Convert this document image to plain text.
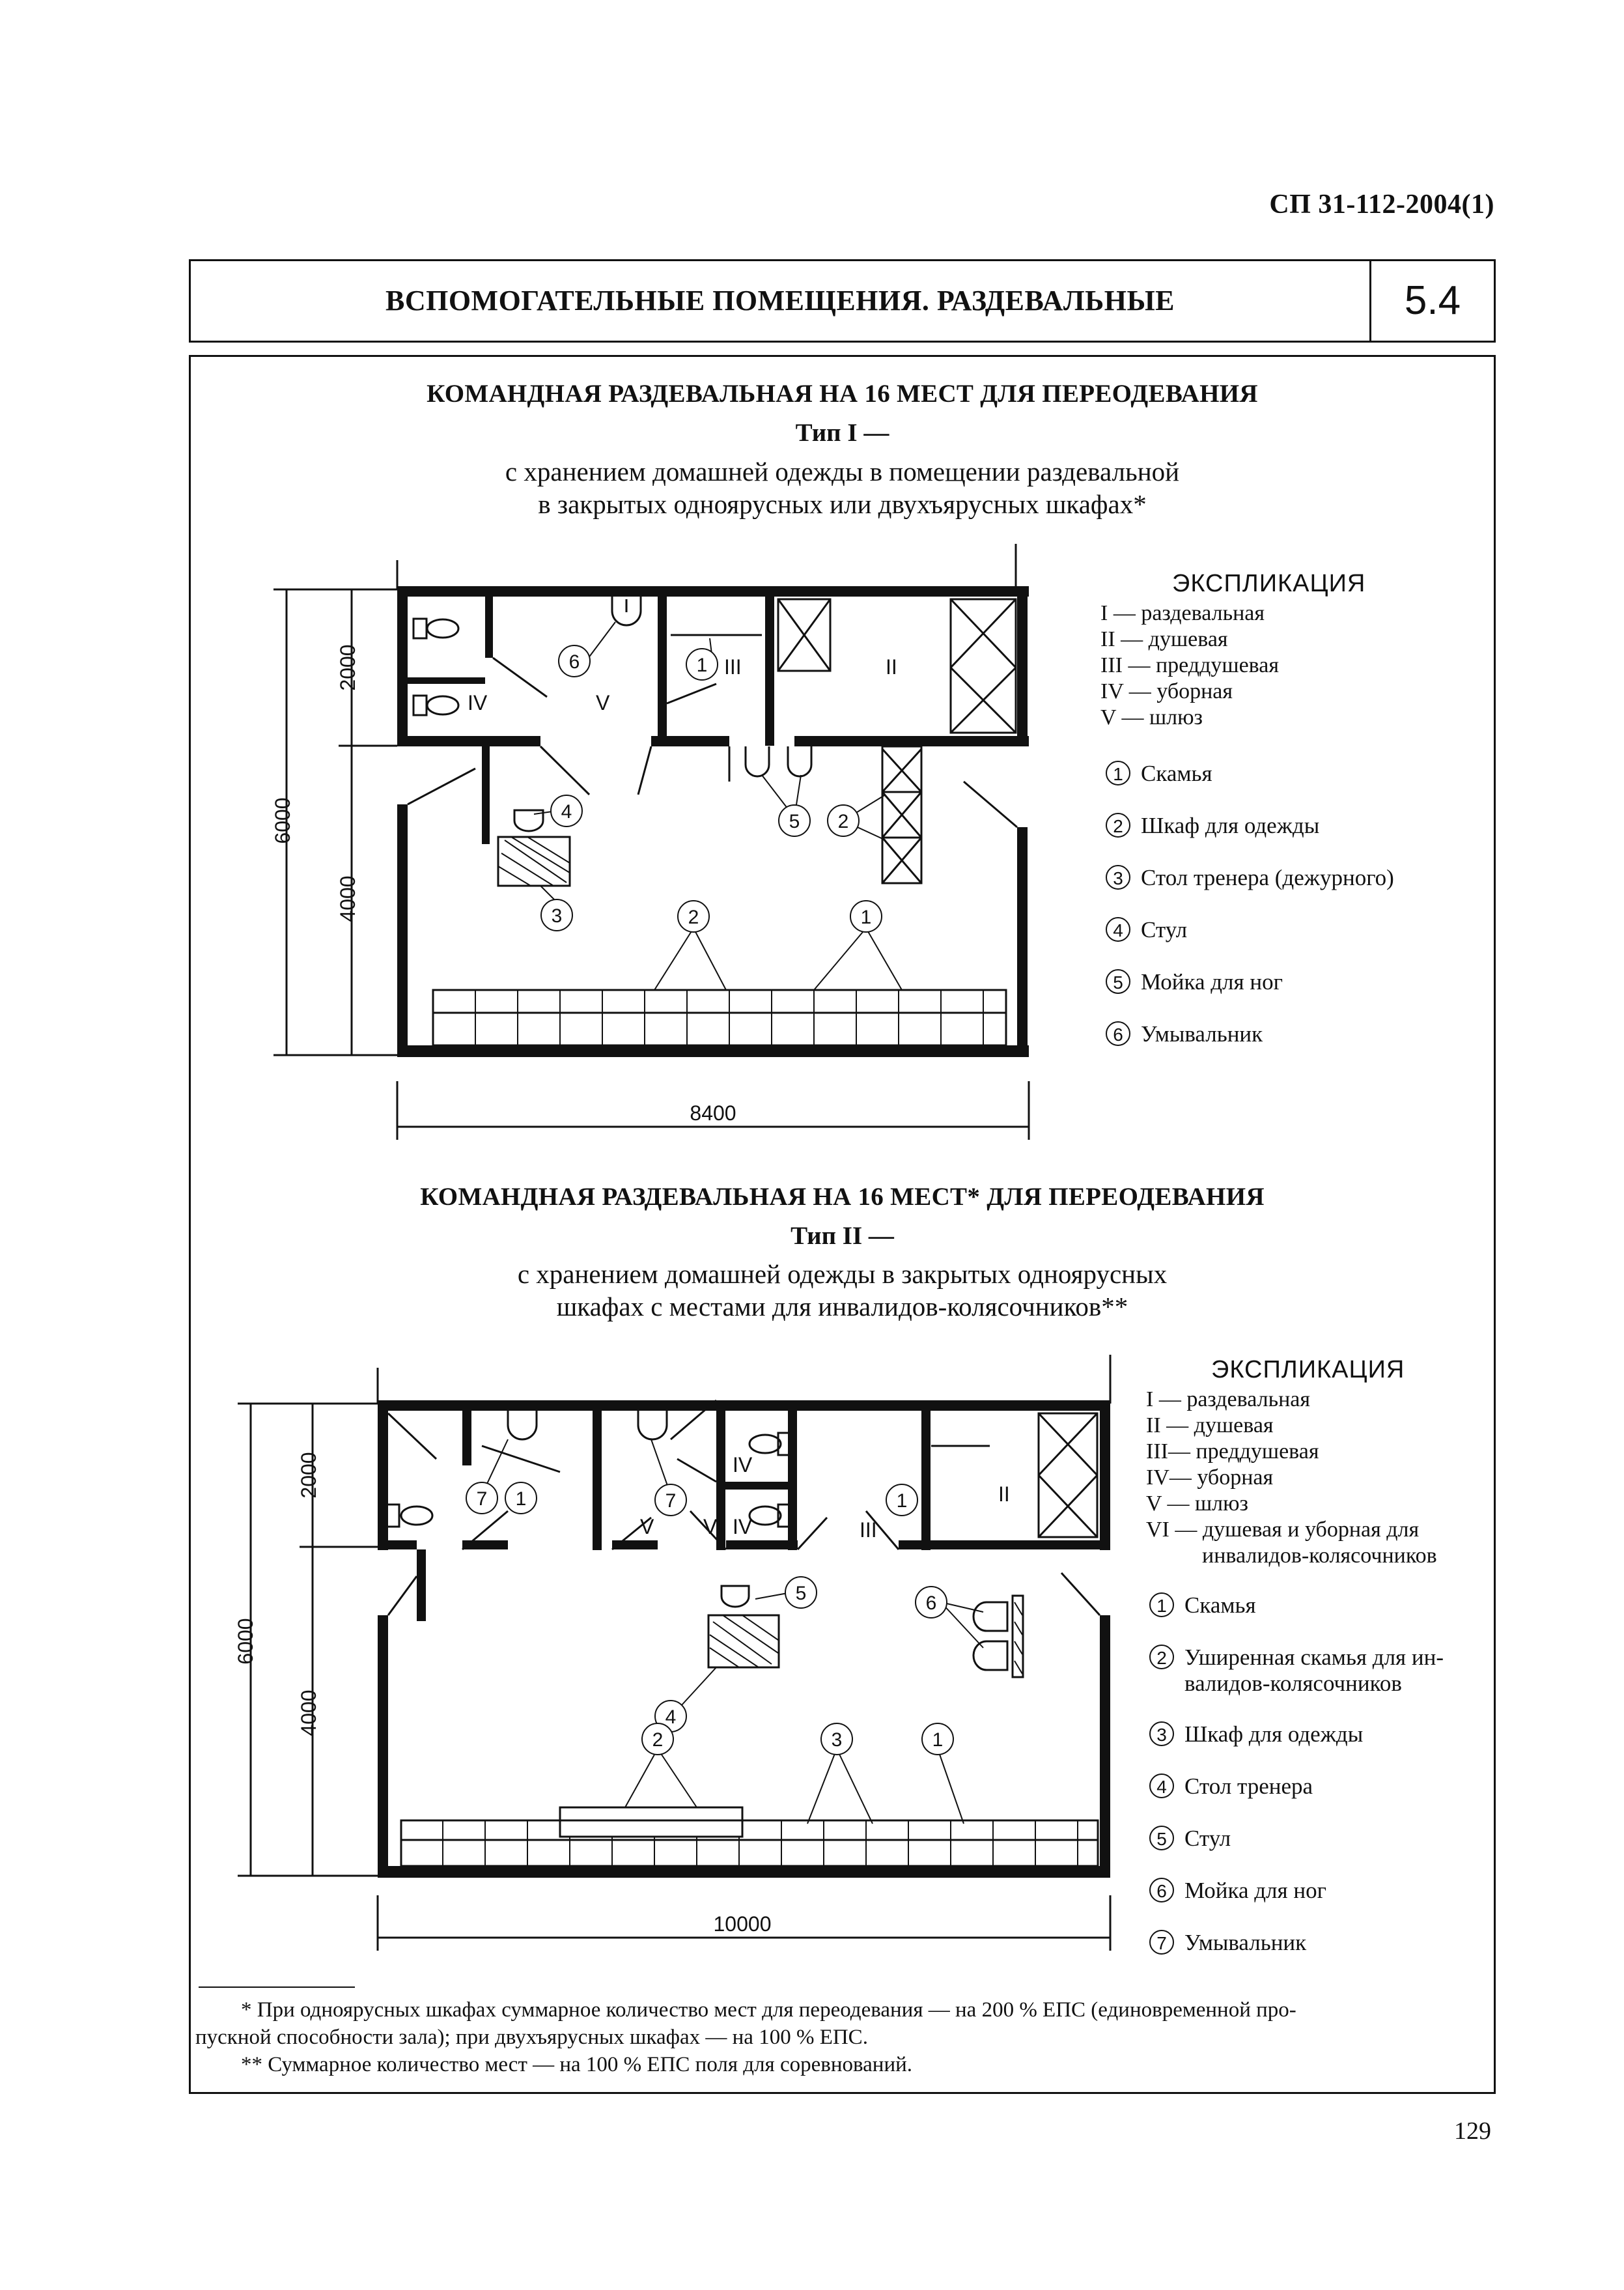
СП 31-112-2004(1)
ВСПОМОГАТЕЛЬНЫЕ ПОМЕЩЕНИЯ. РАЗДЕВАЛЬНЫЕ	5.4
КОМАНДНАЯ РАЗДЕВАЛЬНАЯ НА 16 МЕСТ ДЛЯ ПЕРЕОДЕВАНИЯ
Тип I —
с хранением домашней одежды в помещении раздевальной
в закрытых одноярусных или двухъярусных шкафах*
6	1
4	5 2
3	2	1
III	II
IV	V
2000
4000
6000
8400
ЭКСПЛИКАЦИЯ
I — раздевальная
II — душевая
III — преддушевая
IV — уборная
V — шлюз
1 Скамья
2 Шкаф для одежды
3 Стол тренера (дежурного)
4 Стул
5 Мойка для ног
6 Умывальник
КОМАНДНАЯ РАЗДЕВАЛЬНАЯ НА 16 МЕСТ* ДЛЯ ПЕРЕОДЕВАНИЯ
Тип II —
с хранением домашней одежды в закрытых одноярусных
шкафах с местами для инвалидов-колясочников**
7 1	7	1
5	6
4
2	3	1
IV
II
VI
V	IV	III
2000
4000
6000
10000
ЭКСПЛИКАЦИЯ
I — раздевальная
II — душевая
III— преддушевая
IV— уборная
V — шлюз
VI — душевая и уборная для
инвалидов-колясочников
1 Скамья
2 Уширенная скамья для ин-
валидов-колясочников
3 Шкаф для одежды
4 Стол тренера
5 Стул
6 Мойка для ног
7 Умывальник
* При одноярусных шкафах суммарное количество мест для переодевания — на 200 % ЕПС (единовременной про-
пускной способности зала); при двухъярусных шкафах — на 100 % ЕПС.
** Суммарное количество мест — на 100 % ЕПС поля для соревнований.
129
